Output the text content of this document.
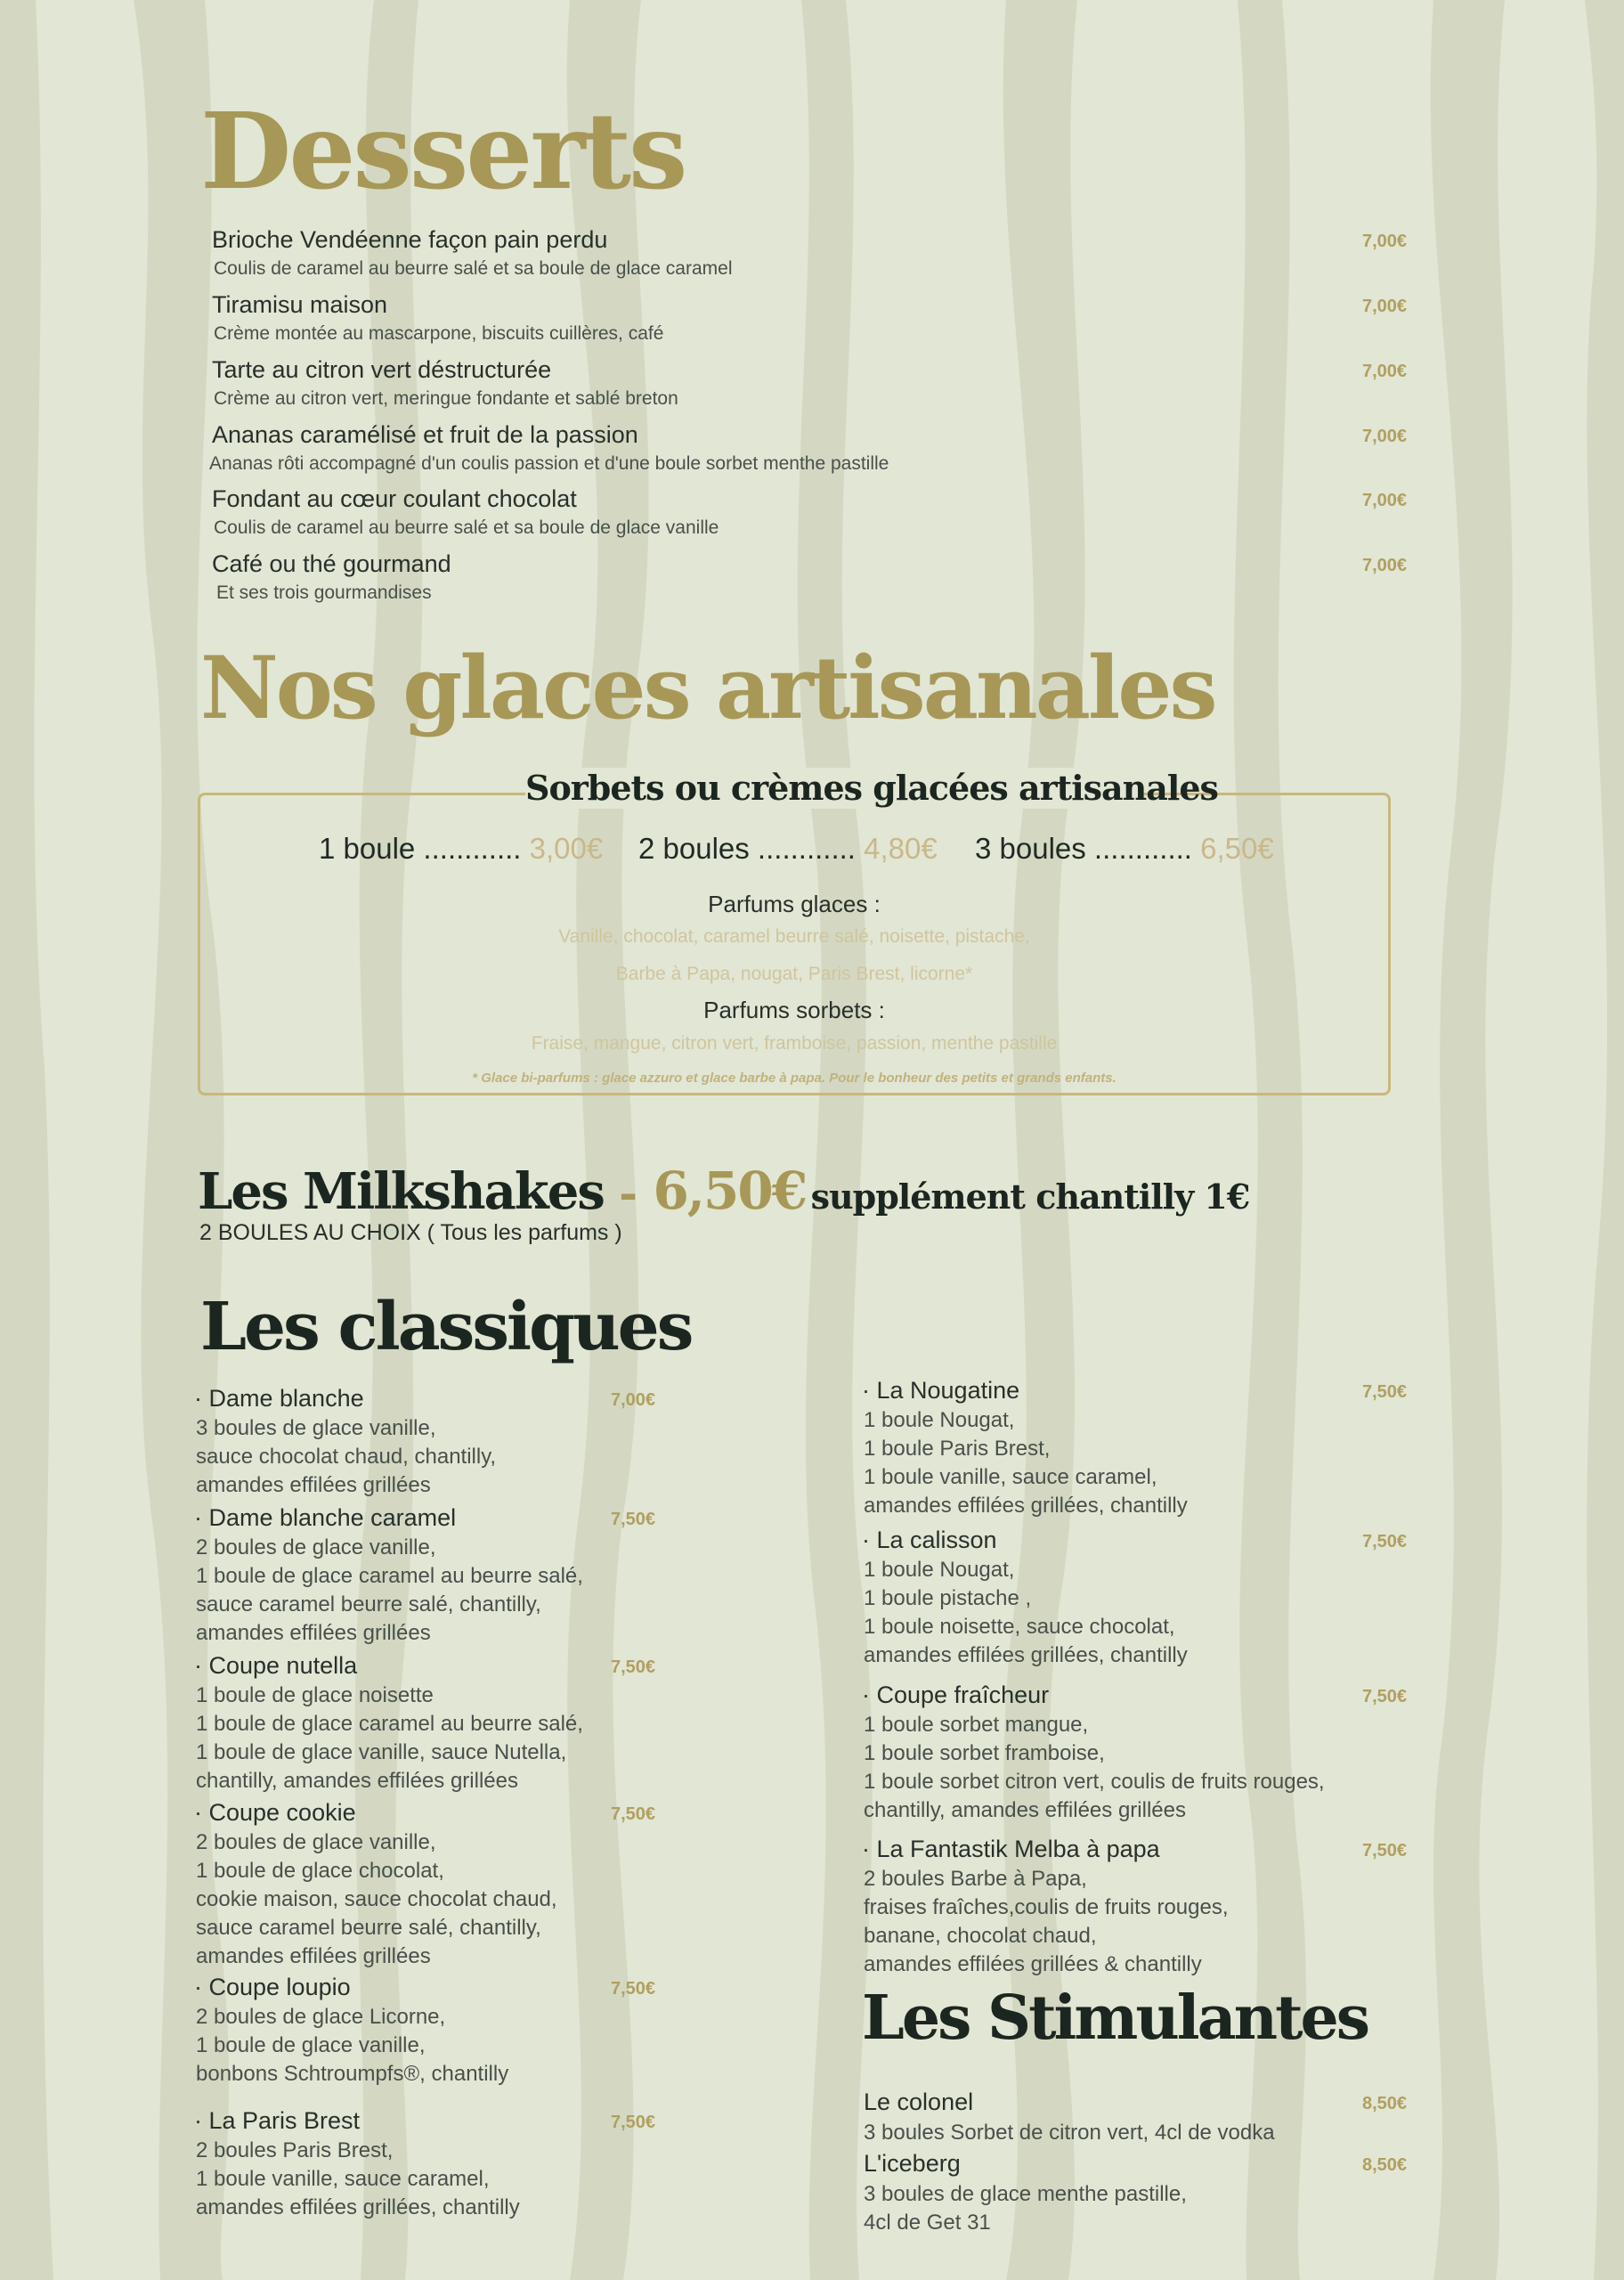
Desserts
Brioche Vendéenne façon pain perdu
Coulis de caramel au beurre salé et sa boule de glace caramel
7,00€
Tiramisu maison
Crème montée au mascarpone, biscuits cuillères, café
7,00€
Tarte au citron vert déstructurée
Crème au citron vert, meringue fondante et sablé breton
7,00€
Ananas caramélisé et fruit de la passion
Ananas rôti accompagné d'un coulis passion et d'une boule sorbet menthe pastille
7,00€
Fondant au cœur coulant chocolat
Coulis de caramel au beurre salé et sa boule de glace vanille
7,00€
Café ou thé gourmand
Et ses trois gourmandises
7,00€
Nos glaces artisanales
Sorbets ou crèmes glacées artisanales
1 boule ............ 3,00€ 2 boules ............ 4,80€ 3 boules ............ 6,50€
Parfums glaces :
Vanille, chocolat, caramel beurre salé, noisette, pistache,
Barbe à Papa, nougat, Paris Brest, licorne*
Parfums sorbets :
Fraise, mangue, citron vert, framboise, passion, menthe pastille
* Glace bi-parfums : glace azzuro et glace barbe à papa. Pour le bonheur des petits et grands enfants.
Les Milkshakes - 6,50€ supplément chantilly 1€
2 BOULES AU CHOIX ( Tous les parfums )
Les classiques
· Dame blanche	7,00€
3 boules de glace vanille,
sauce chocolat chaud, chantilly,
amandes effilées grillées
· Dame blanche caramel	7,50€
2 boules de glace vanille,
1 boule de glace caramel au beurre salé,
sauce caramel beurre salé, chantilly,
amandes effilées grillées
· Coupe nutella	7,50€
1 boule de glace noisette
1 boule de glace caramel au beurre salé,
1 boule de glace vanille, sauce Nutella,
chantilly, amandes effilées grillées
· Coupe cookie	7,50€
2 boules de glace vanille,
1 boule de glace chocolat,
cookie maison, sauce chocolat chaud,
sauce caramel beurre salé, chantilly,
amandes effilées grillées
· Coupe loupio	7,50€
2 boules de glace Licorne,
1 boule de glace vanille,
bonbons Schtroumpfs®, chantilly
· La Paris Brest	7,50€
2 boules Paris Brest,
1 boule vanille, sauce caramel,
amandes effilées grillées, chantilly
· La Nougatine	7,50€
1 boule Nougat,
1 boule Paris Brest,
1 boule vanille, sauce caramel,
amandes effilées grillées, chantilly
· La calisson	7,50€
1 boule Nougat,
1 boule pistache ,
1 boule noisette, sauce chocolat,
amandes effilées grillées, chantilly
· Coupe fraîcheur	7,50€
1 boule sorbet mangue,
1 boule sorbet framboise,
1 boule sorbet citron vert, coulis de fruits rouges,
chantilly, amandes effilées grillées
· La Fantastik Melba à papa	7,50€
2 boules Barbe à Papa,
fraises fraîches,coulis de fruits rouges,
banane, chocolat chaud,
amandes effilées grillées & chantilly
Les Stimulantes
Le colonel	8,50€
3 boules Sorbet de citron vert, 4cl de vodka
L'iceberg	8,50€
3 boules de glace menthe pastille,
4cl de Get 31
